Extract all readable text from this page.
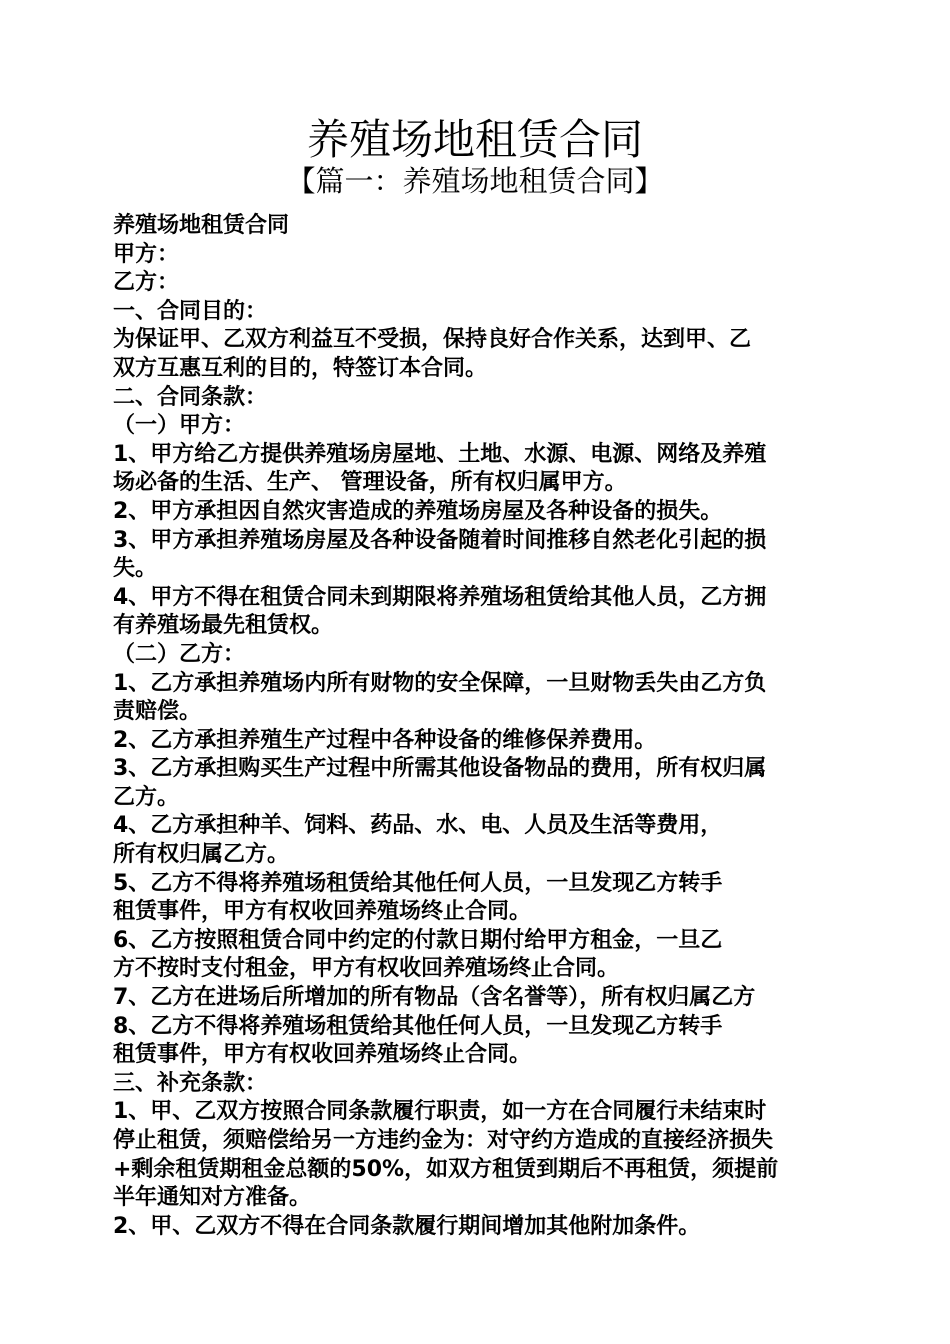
养殖场地租赁合同
【篇一：养殖场地租赁合同】
养殖场地租赁合同
甲方：
乙方：
一、合同目的：
为保证甲、乙双方利益互不受损，保持良好合作关系，达到甲、乙
双方互惠互利的目的，特签订本合同。
二、合同条款：
（一）甲方：
1、甲方给乙方提供养殖场房屋地、土地、水源、电源、网络及养殖
场必备的生活、生产、 管理设备，所有权归属甲方。
2、甲方承担因自然灾害造成的养殖场房屋及各种设备的损失。
3、甲方承担养殖场房屋及各种设备随着时间推移自然老化引起的损
失。
4、甲方不得在租赁合同未到期限将养殖场租赁给其他人员，乙方拥
有养殖场最先租赁权。
（二）乙方：
1、乙方承担养殖场内所有财物的安全保障，一旦财物丢失由乙方负
责赔偿。
2、乙方承担养殖生产过程中各种设备的维修保养费用。
3、乙方承担购买生产过程中所需其他设备物品的费用，所有权归属
乙方。
4、乙方承担种羊、饲料、药品、水、电、人员及生活等费用，
所有权归属乙方。
5、乙方不得将养殖场租赁给其他任何人员，一旦发现乙方转手
租赁事件，甲方有权收回养殖场终止合同。
6、乙方按照租赁合同中约定的付款日期付给甲方租金，一旦乙
方不按时支付租金，甲方有权收回养殖场终止合同。
7、乙方在进场后所增加的所有物品（含名誉等），所有权归属乙方
8、乙方不得将养殖场租赁给其他任何人员，一旦发现乙方转手
租赁事件，甲方有权收回养殖场终止合同。
三、补充条款：
1、甲、乙双方按照合同条款履行职责，如一方在合同履行未结束时
停止租赁，须赔偿给另一方违约金为：对守约方造成的直接经济损失
+剩余租赁期租金总额的50%，如双方租赁到期后不再租赁，须提前
半年通知对方准备。
2、甲、乙双方不得在合同条款履行期间增加其他附加条件。
